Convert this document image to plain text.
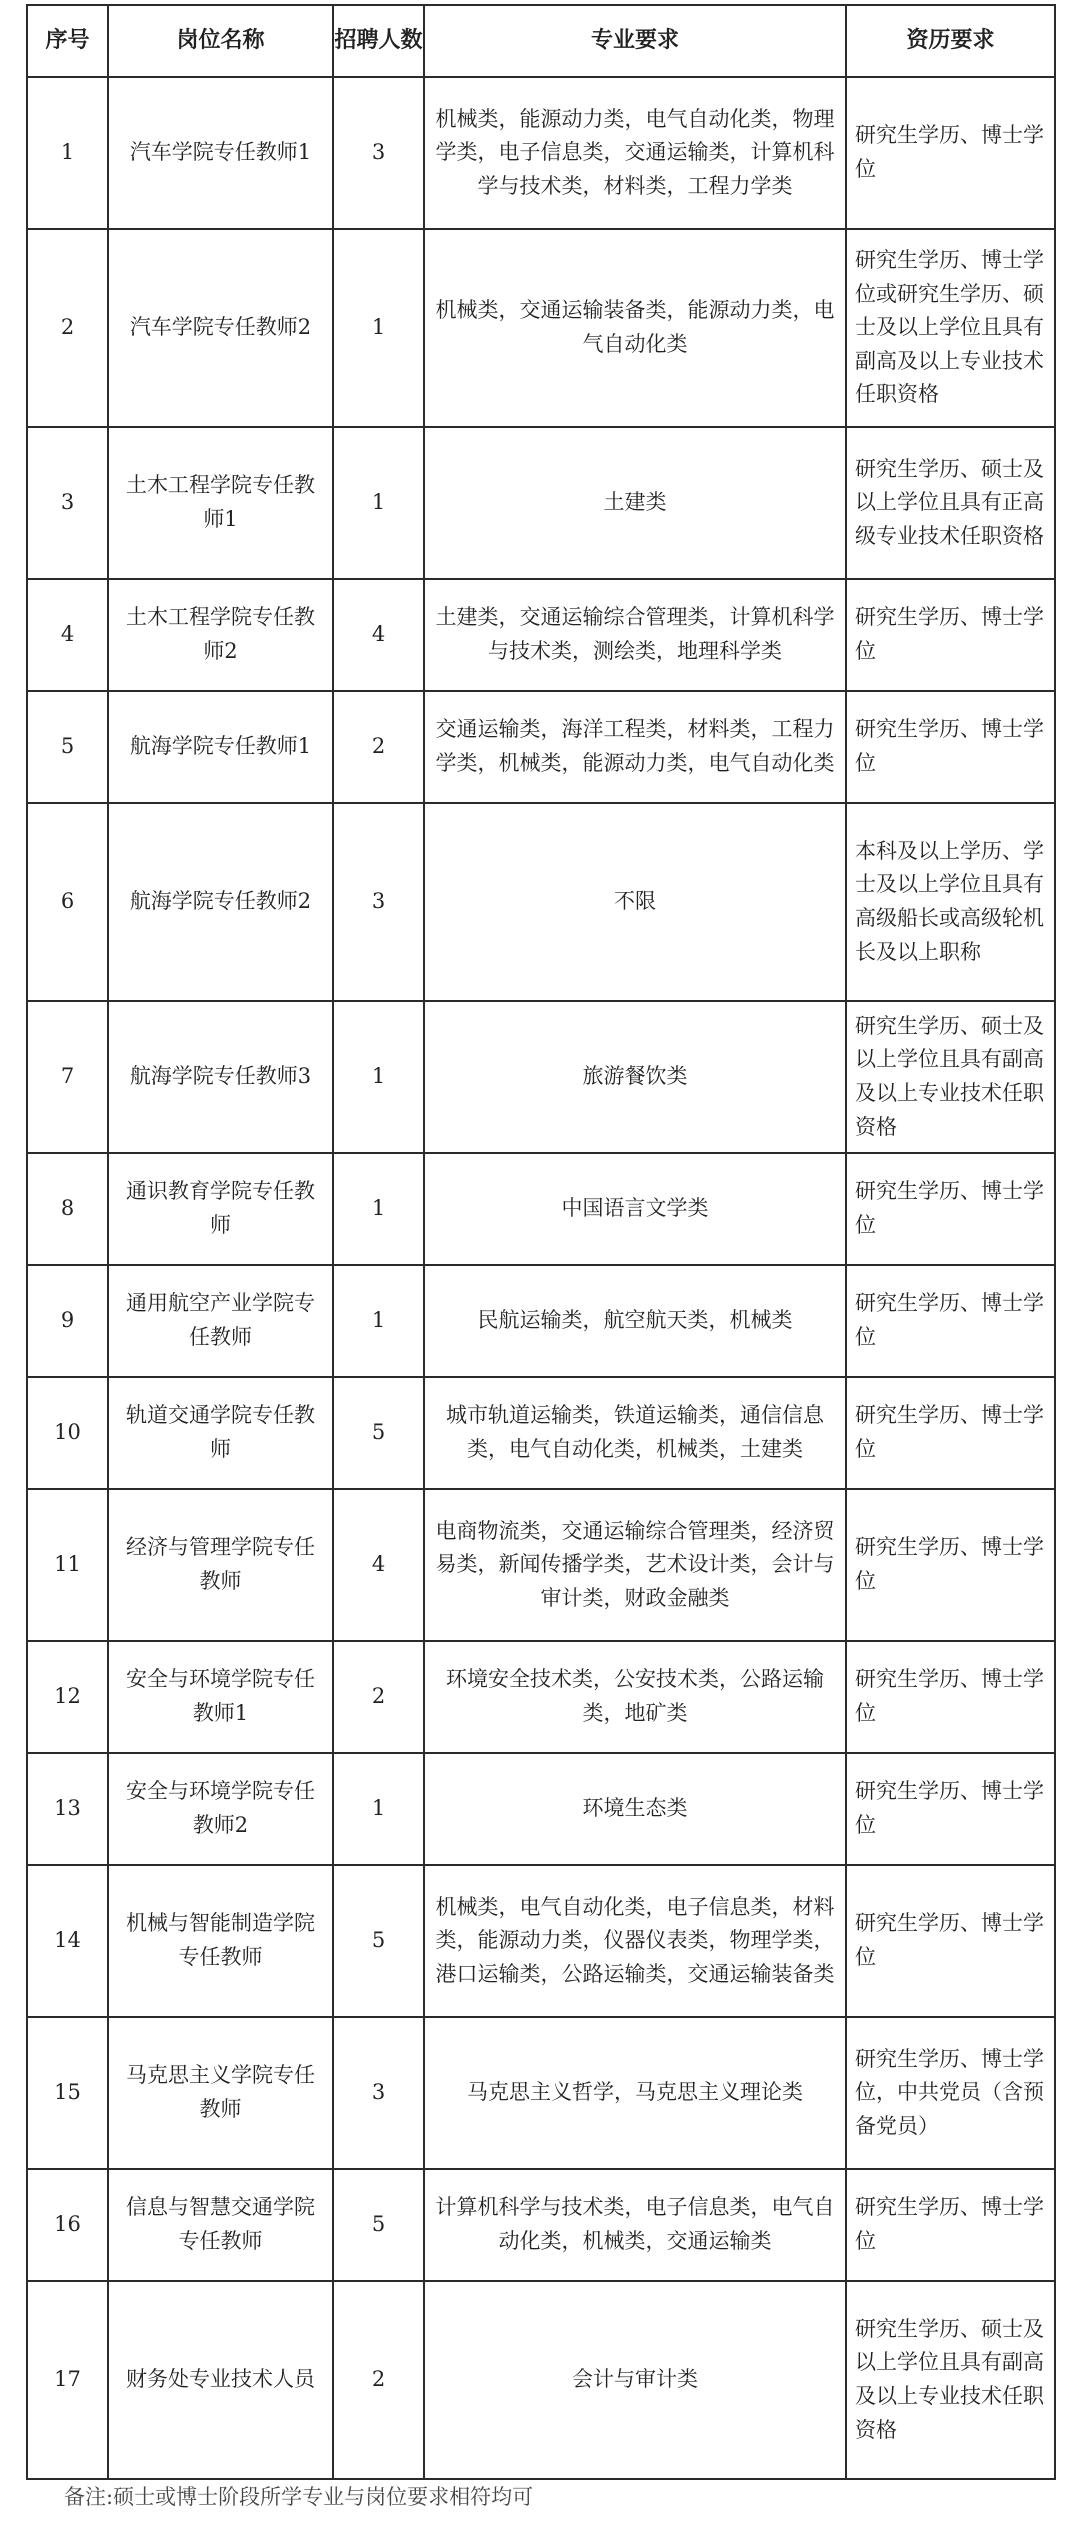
序号	岗位名称	招聘人数	专业要求	资历要求
1	汽车学院专任教师1	3	机械类，能源动力类，电气自动化类，物理学类，电子信息类，交通运输类，计算机科学与技术类，材料类，工程力学类	研究生学历、博士学位
2	汽车学院专任教师2	1	机械类，交通运输装备类，能源动力类，电气自动化类	研究生学历、博士学位或研究生学历、硕士及以上学位且具有副高及以上专业技术任职资格
3	土木工程学院专任教师1	1	土建类	研究生学历、硕士及以上学位且具有正高级专业技术任职资格
4	土木工程学院专任教师2	4	土建类，交通运输综合管理类，计算机科学与技术类，测绘类，地理科学类	研究生学历、博士学位
5	航海学院专任教师1	2	交通运输类，海洋工程类，材料类，工程力学类，机械类，能源动力类，电气自动化类	研究生学历、博士学位
6	航海学院专任教师2	3	不限	本科及以上学历、学士及以上学位且具有高级船长或高级轮机长及以上职称
7	航海学院专任教师3	1	旅游餐饮类	研究生学历、硕士及以上学位且具有副高及以上专业技术任职资格
8	通识教育学院专任教师	1	中国语言文学类	研究生学历、博士学位
9	通用航空产业学院专任教师	1	民航运输类，航空航天类，机械类	研究生学历、博士学位
10	轨道交通学院专任教师	5	城市轨道运输类，铁道运输类，通信信息类，电气自动化类，机械类，土建类	研究生学历、博士学位
11	经济与管理学院专任教师	4	电商物流类，交通运输综合管理类，经济贸易类，新闻传播学类，艺术设计类，会计与审计类，财政金融类	研究生学历、博士学位
12	安全与环境学院专任教师1	2	环境安全技术类，公安技术类，公路运输类，地矿类	研究生学历、博士学位
13	安全与环境学院专任教师2	1	环境生态类	研究生学历、博士学位
14	机械与智能制造学院专任教师	5	机械类，电气自动化类，电子信息类，材料类，能源动力类，仪器仪表类，物理学类，港口运输类，公路运输类，交通运输装备类	研究生学历、博士学位
15	马克思主义学院专任教师	3	马克思主义哲学，马克思主义理论类	研究生学历、博士学位，中共党员（含预备党员）
16	信息与智慧交通学院专任教师	5	计算机科学与技术类，电子信息类，电气自动化类，机械类，交通运输类	研究生学历、博士学位
17	财务处专业技术人员	2	会计与审计类	研究生学历、硕士及以上学位且具有副高及以上专业技术任职资格
备注:硕士或博士阶段所学专业与岗位要求相符均可
